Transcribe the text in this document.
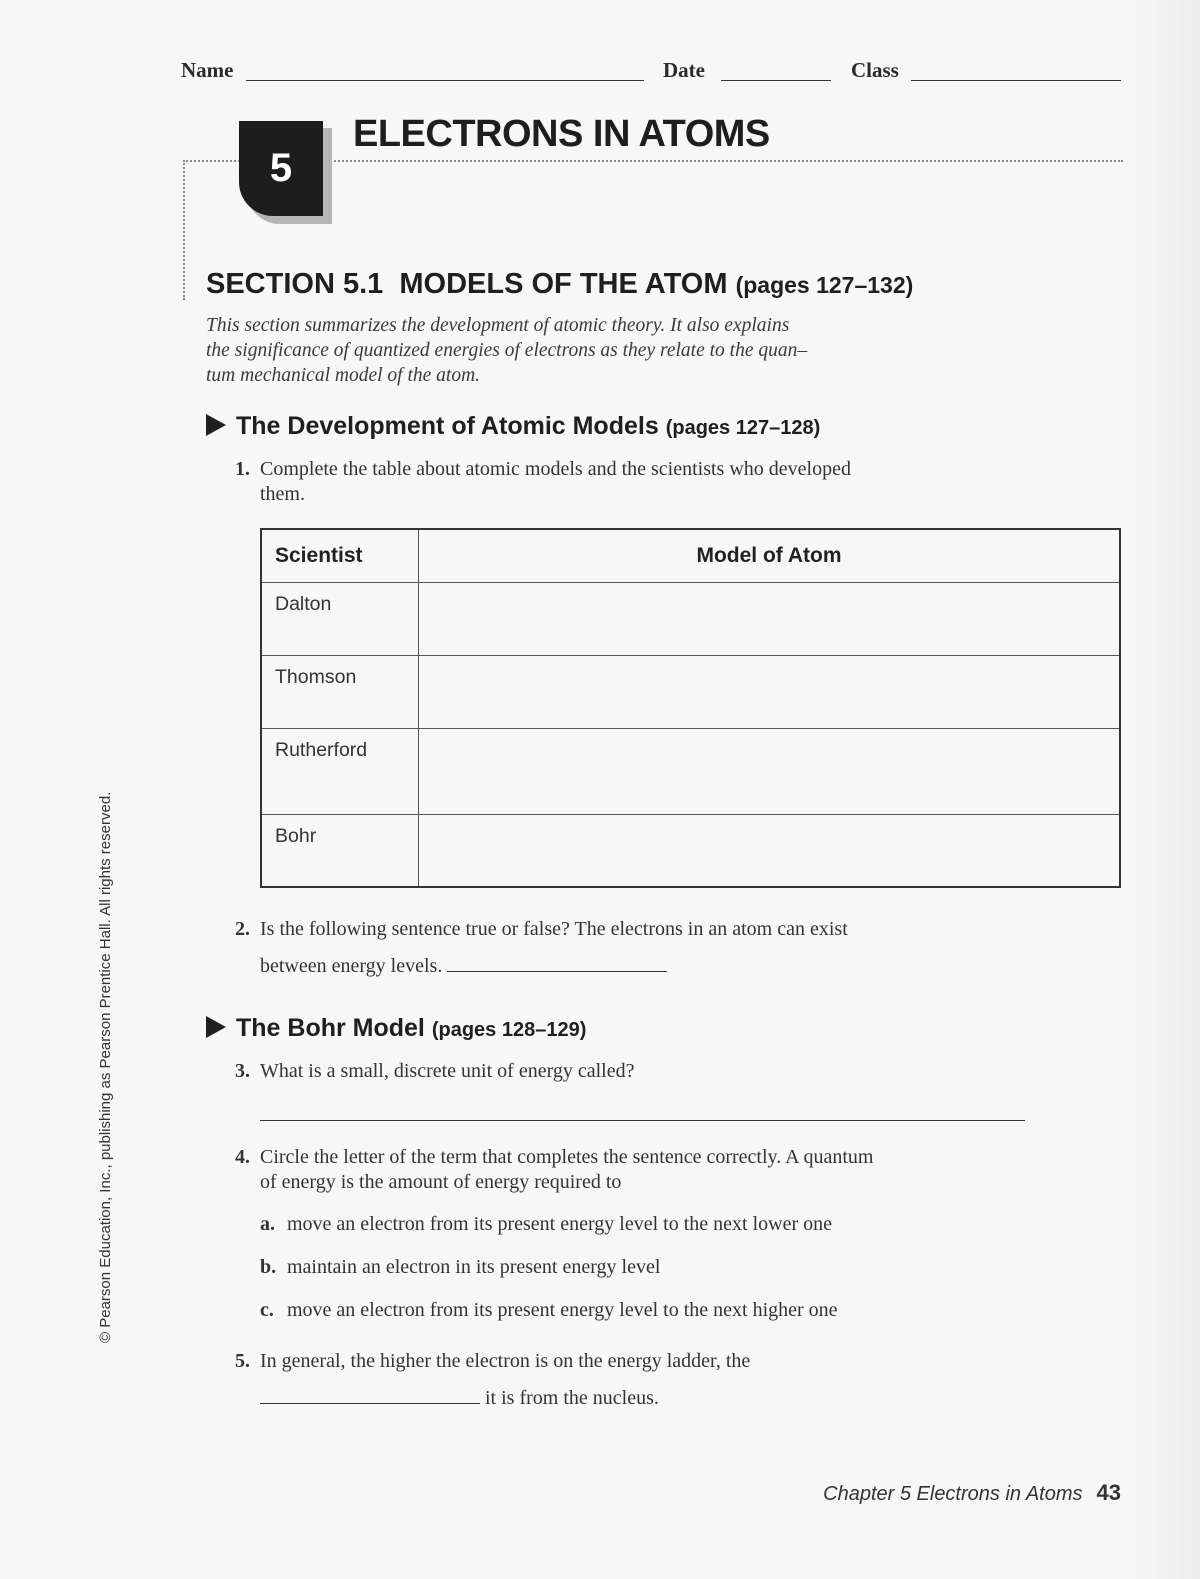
Name	Date	Class
5
ELECTRONS IN ATOMS
SECTION 5.1  MODELS OF THE ATOM (pages 127–132)
This section summarizes the development of atomic theory. It also explains
the significance of quantized energies of electrons as they relate to the quan–
tum mechanical model of the atom.
The Development of Atomic Models (pages 127–128)
1. Complete the table about atomic models and the scientists who developed
them.
Scientist	Model of Atom
Dalton	
Thomson	
Rutherford	
Bohr	
2. Is the following sentence true or false? The electrons in an atom can exist
between energy levels.
The Bohr Model (pages 128–129)
3. What is a small, discrete unit of energy called?
4. Circle the letter of the term that completes the sentence correctly. A quantum
of energy is the amount of energy required to
a. move an electron from its present energy level to the next lower one
b. maintain an electron in its present energy level
c. move an electron from its present energy level to the next higher one
5. In general, the higher the electron is on the energy ladder, the
it is from the nucleus.
Chapter 5 Electrons in Atoms 43
© Pearson Education, Inc., publishing as Pearson Prentice Hall. All rights reserved.
